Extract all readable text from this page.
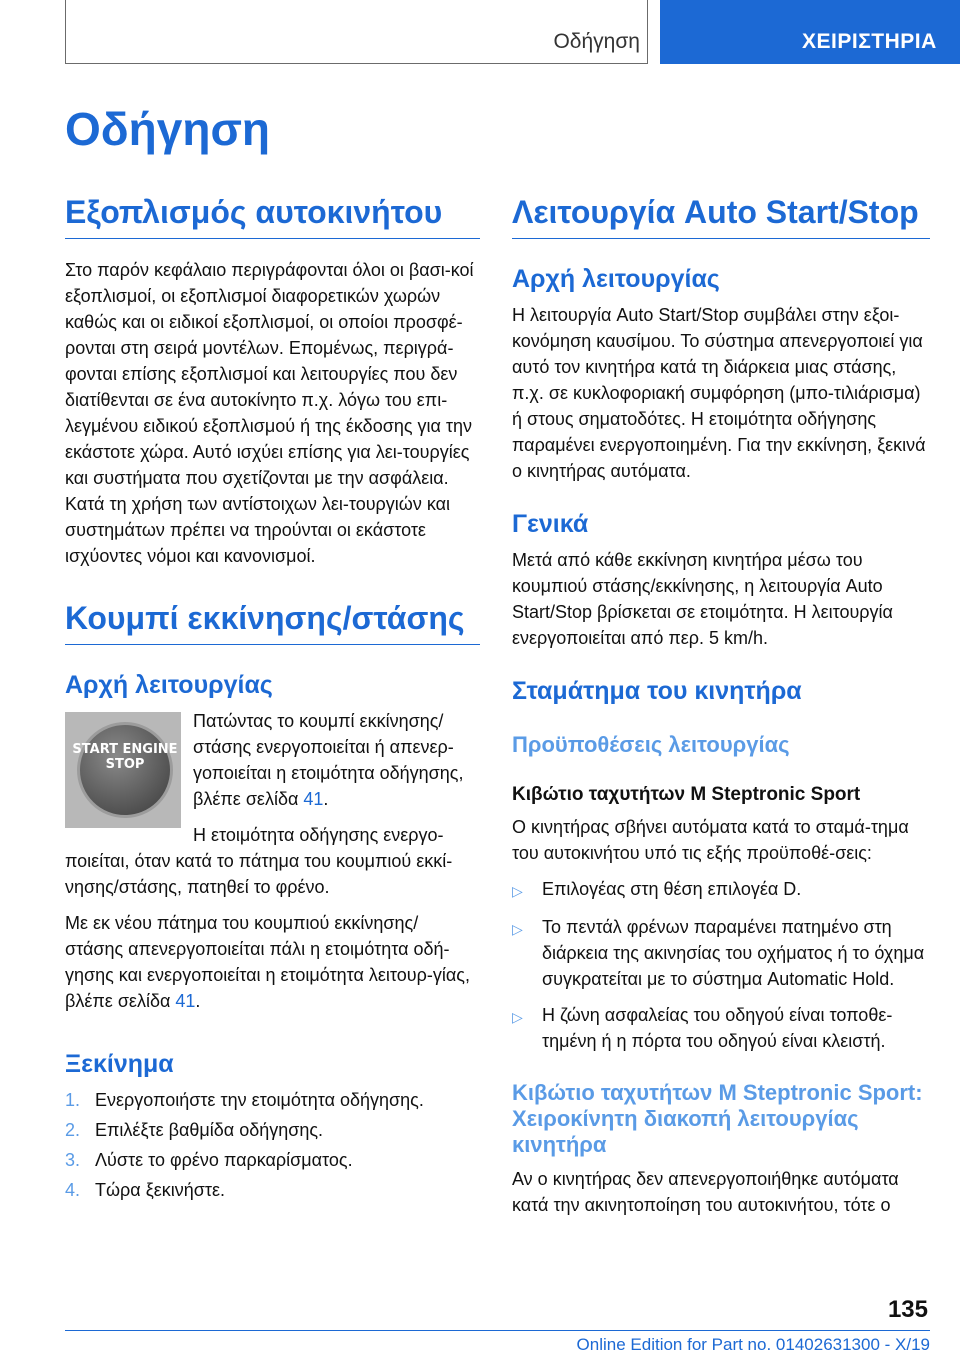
Οδήγηση	ΧΕΙΡΙΣΤΗΡΙΑ
Οδήγηση
Εξοπλισμός αυτοκινήτου

Στο παρόν κεφάλαιο περιγράφονται όλοι οι βασι‐κοί εξοπλισμοί, οι εξοπλισμοί διαφορετικών χωρών καθώς και οι ειδικοί εξοπλισμοί, οι οποίοι προσφέ‐ρονται στη σειρά μοντέλων. Επομένως, περιγρά‐φονται επίσης εξοπλισμοί και λειτουργίες που δεν διατίθενται σε ένα αυτοκίνητο π.χ. λόγω του επι‐λεγμένου ειδικού εξοπλισμού ή της έκδοσης για την εκάστοτε χώρα. Αυτό ισχύει επίσης για λει‐τουργίες και συστήματα που σχετίζονται με την ασφάλεια. Κατά τη χρήση των αντίστοιχων λει‐τουργιών και συστημάτων πρέπει να τηρούνται οι εκάστοτε ισχύοντες νόμοι και κανονισμοί.

Κουμπί εκκίνησης/στάσης
Αρχή λειτουργίας
START ENGINE STOP

Πατώντας το κουμπί εκκίνησης/ στάσης ενεργοποιείται ή απενερ‐γοποιείται η ετοιμότητα οδήγησης, βλέπε σελίδα 41.

Η ετοιμότητα οδήγησης ενεργο‐ποιείται, όταν κατά το πάτημα του κουμπιού εκκί‐νησης/στάσης, πατηθεί το φρένο.

Με εκ νέου πάτημα του κουμπιού εκκίνησης/ στάσης απενεργοποιείται πάλι η ετοιμότητα οδή‐γησης και ενεργοποιείται η ετοιμότητα λειτουρ‐γίας, βλέπε σελίδα 41.

Ξεκίνημα
1. Ενεργοποιήστε την ετοιμότητα οδήγησης.
2. Επιλέξτε βαθμίδα οδήγησης.
3. Λύστε το φρένο παρκαρίσματος.
4. Τώρα ξεκινήστε.
Λειτουργία Auto Start/Stop
Αρχή λειτουργίας

Η λειτουργία Auto Start/Stop συμβάλει στην εξοι‐κονόμηση καυσίμου. Το σύστημα απενεργοποιεί για αυτό τον κινητήρα κατά τη διάρκεια μιας στάσης, π.χ. σε κυκλοφοριακή συμφόρηση (μπο‐τιλιάρισμα) ή στους σηματοδότες. Η ετοιμότητα οδήγησης παραμένει ενεργοποιημένη. Για την εκκίνηση, ξεκινά ο κινητήρας αυτόματα.

Γενικά

Μετά από κάθε εκκίνηση κινητήρα μέσω του κουμπιού στάσης/εκκίνησης, η λειτουργία Auto Start/Stop βρίσκεται σε ετοιμότητα. Η λειτουργία ενεργοποιείται από περ. 5 km/h.

Σταμάτημα του κινητήρα
Προϋποθέσεις λειτουργίας
Κιβώτιο ταχυτήτων M Steptronic Sport

Ο κινητήρας σβήνει αυτόματα κατά το σταμά‐τημα του αυτοκινήτου υπό τις εξής προϋποθέ‐σεις:

▷	Επιλογέας στη θέση επιλογέα D.
▷	Το πεντάλ φρένων παραμένει πατημένο στη διάρκεια της ακινησίας του οχήματος ή το όχημα συγκρατείται με το σύστημα Automatic Hold.
▷	Η ζώνη ασφαλείας του οδηγού είναι τοποθε‐τημένη ή η πόρτα του οδηγού είναι κλειστή.
Κιβώτιο ταχυτήτων M Steptronic Sport: Χειροκίνητη διακοπή λειτουργίας κινητήρα

Αν ο κινητήρας δεν απενεργοποιήθηκε αυτόματα κατά την ακινητοποίηση του αυτοκινήτου, τότε ο

135
Online Edition for Part no. 01402631300 - X/19
